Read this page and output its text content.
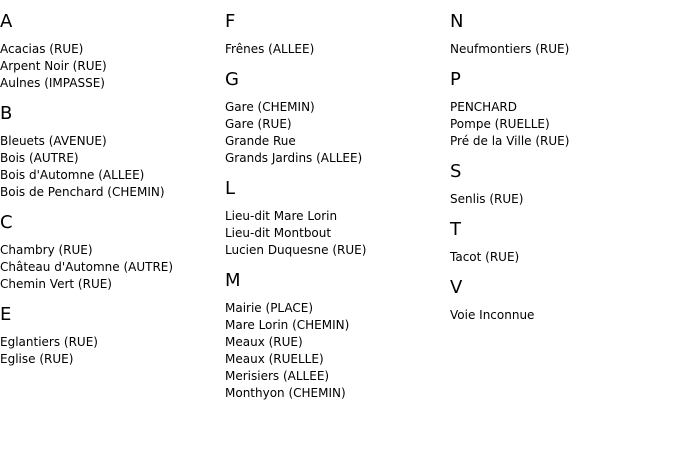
A
Acacias (RUE)
Arpent Noir (RUE)
Aulnes (IMPASSE)
B
Bleuets (AVENUE)
Bois (AUTRE)
Bois d'Automne (ALLEE)
Bois de Penchard (CHEMIN)
C
Chambry (RUE)
Château d'Automne (AUTRE)
Chemin Vert (RUE)
E
Eglantiers (RUE)
Eglise (RUE)
F
Frênes (ALLEE)
G
Gare (CHEMIN)
Gare (RUE)
Grande Rue
Grands Jardins (ALLEE)
L
Lieu-dit Mare Lorin
Lieu-dit Montbout
Lucien Duquesne (RUE)
M
Mairie (PLACE)
Mare Lorin (CHEMIN)
Meaux (RUE)
Meaux (RUELLE)
Merisiers (ALLEE)
Monthyon (CHEMIN)
N
Neufmontiers (RUE)
P
PENCHARD
Pompe (RUELLE)
Pré de la Ville (RUE)
S
Senlis (RUE)
T
Tacot (RUE)
V
Voie Inconnue
